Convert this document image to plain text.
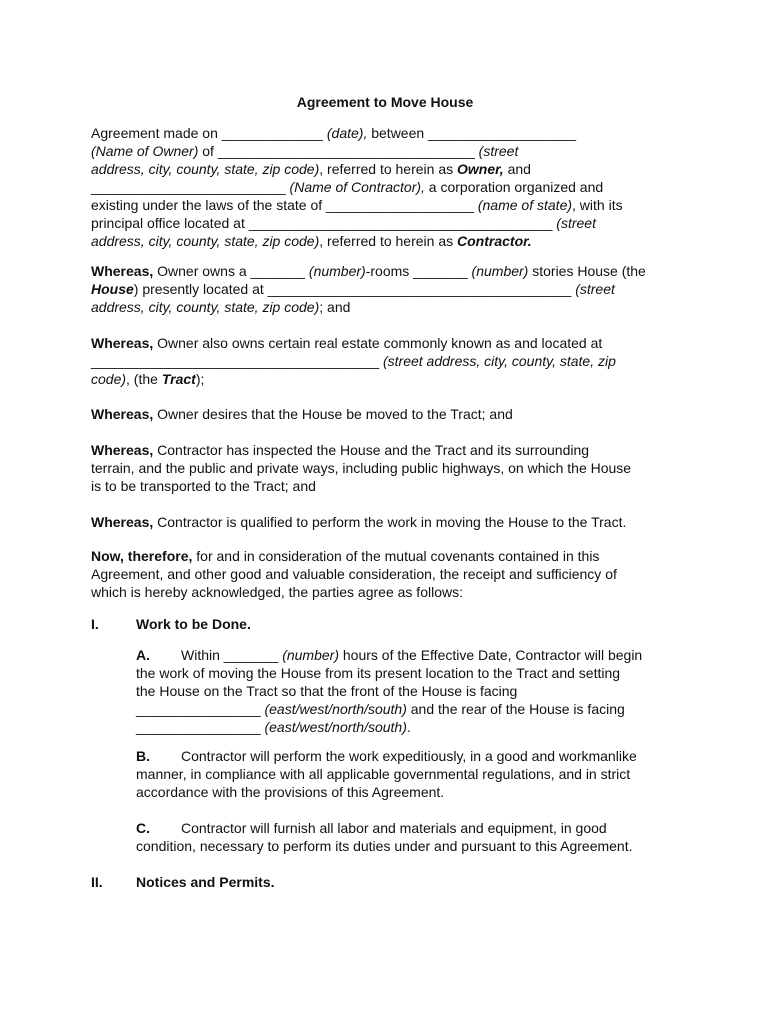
Agreement to Move House
Agreement made on _____________ (date), between ___________________
(Name of Owner) of _________________________________ (street
address, city, county, state, zip code), referred to herein as Owner, and
_________________________ (Name of Contractor), a corporation organized and
existing under the laws of the state of ___________________ (name of state), with its
principal office located at _______________________________________ (street
address, city, county, state, zip code), referred to herein as Contractor.
Whereas, Owner owns a _______ (number)-rooms _______ (number) stories House (the
House) presently located at _______________________________________ (street
address, city, county, state, zip code); and
Whereas, Owner also owns certain real estate commonly known as and located at
_____________________________________ (street address, city, county, state, zip
code), (the Tract);
Whereas, Owner desires that the House be moved to the Tract; and
Whereas, Contractor has inspected the House and the Tract and its surrounding
terrain, and the public and private ways, including public highways, on which the House
is to be transported to the Tract; and
Whereas, Contractor is qualified to perform the work in moving the House to the Tract.
Now, therefore, for and in consideration of the mutual covenants contained in this
Agreement, and other good and valuable consideration, the receipt and sufficiency of
which is hereby acknowledged, the parties agree as follows:
I.	Work to be Done.
A. Within _______ (number) hours of the Effective Date, Contractor will begin
the work of moving the House from its present location to the Tract and setting
the House on the Tract so that the front of the House is facing
________________ (east/west/north/south) and the rear of the House is facing
________________ (east/west/north/south).
B. Contractor will perform the work expeditiously, in a good and workmanlike
manner, in compliance with all applicable governmental regulations, and in strict
accordance with the provisions of this Agreement.
C. Contractor will furnish all labor and materials and equipment, in good
condition, necessary to perform its duties under and pursuant to this Agreement.
II. Notices and Permits.
